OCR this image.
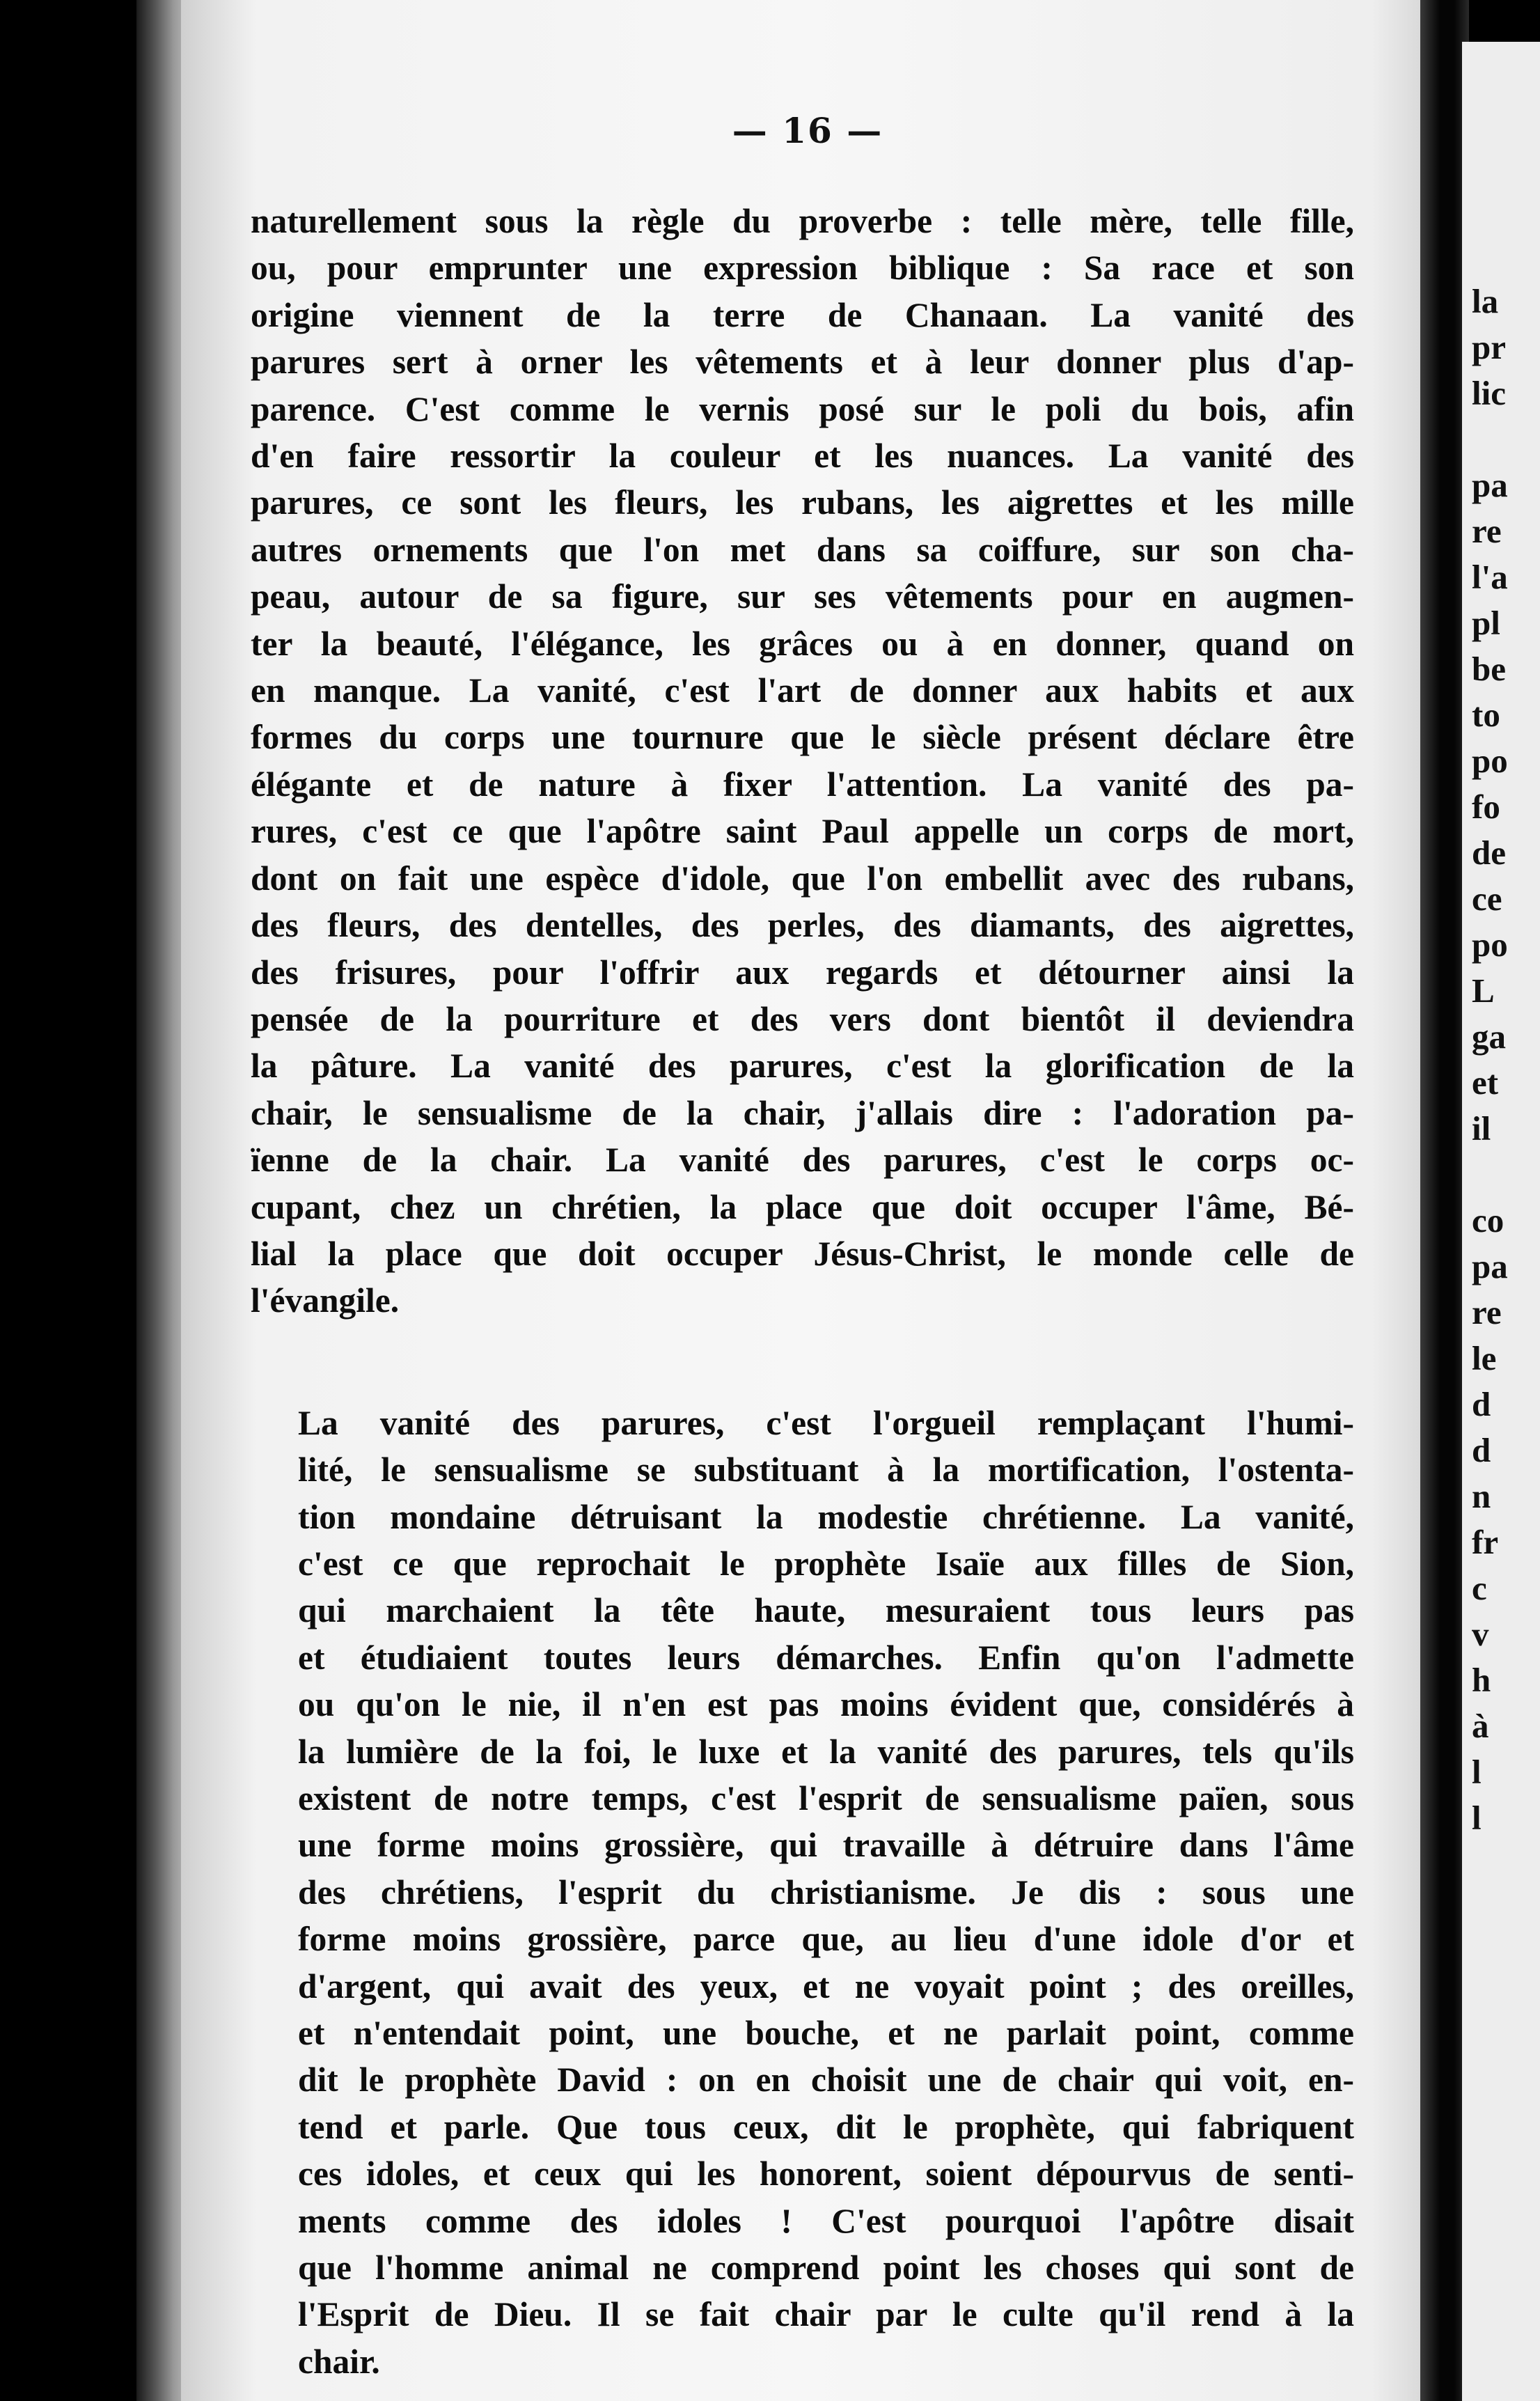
— 16 —
la
pr
lic

pa
re
l'a
pl
be
to
po
fo
de
ce
po
L
ga
et
il

co
pa
re
le
d
d
n
fr
c
v
h
à
l
l

naturellement sous la règle du proverbe : telle mère, telle fille,
ou, pour emprunter une expression biblique : Sa race et son
origine viennent de la terre de Chanaan. La vanité des
parures sert à orner les vêtements et à leur donner plus d'ap-
parence. C'est comme le vernis posé sur le poli du bois, afin
d'en faire ressortir la couleur et les nuances. La vanité des
parures, ce sont les fleurs, les rubans, les aigrettes et les mille
autres ornements que l'on met dans sa coiffure, sur son cha-
peau, autour de sa figure, sur ses vêtements pour en augmen-
ter la beauté, l'élégance, les grâces ou à en donner, quand on
en manque. La vanité, c'est l'art de donner aux habits et aux
formes du corps une tournure que le siècle présent déclare être
élégante et de nature à fixer l'attention. La vanité des pa-
rures, c'est ce que l'apôtre saint Paul appelle un corps de mort,
dont on fait une espèce d'idole, que l'on embellit avec des rubans,
des fleurs, des dentelles, des perles, des diamants, des aigrettes,
des frisures, pour l'offrir aux regards et détourner ainsi la
pensée de la pourriture et des vers dont bientôt il deviendra
la pâture. La vanité des parures, c'est la glorification de la
chair, le sensualisme de la chair, j'allais dire : l'adoration pa-
ïenne de la chair. La vanité des parures, c'est le corps oc-
cupant, chez un chrétien, la place que doit occuper l'âme, Bé-
lial la place que doit occuper Jésus-Christ, le monde celle de
l'évangile.
La vanité des parures, c'est l'orgueil remplaçant l'humi-
lité, le sensualisme se substituant à la mortification, l'ostenta-
tion mondaine détruisant la modestie chrétienne. La vanité,
c'est ce que reprochait le prophète Isaïe aux filles de Sion,
qui marchaient la tête haute, mesuraient tous leurs pas
et étudiaient toutes leurs démarches. Enfin qu'on l'admette
ou qu'on le nie, il n'en est pas moins évident que, considérés à
la lumière de la foi, le luxe et la vanité des parures, tels qu'ils
existent de notre temps, c'est l'esprit de sensualisme païen, sous
une forme moins grossière, qui travaille à détruire dans l'âme
des chrétiens, l'esprit du christianisme. Je dis : sous une
forme moins grossière, parce que, au lieu d'une idole d'or et
d'argent, qui avait des yeux, et ne voyait point ; des oreilles,
et n'entendait point, une bouche, et ne parlait point, comme
dit le prophète David : on en choisit une de chair qui voit, en-
tend et parle. Que tous ceux, dit le prophète, qui fabriquent
ces idoles, et ceux qui les honorent, soient dépourvus de senti-
ments comme des idoles ! C'est pourquoi l'apôtre disait
que l'homme animal ne comprend point les choses qui sont de
l'Esprit de Dieu. Il se fait chair par le culte qu'il rend à la
chair.
